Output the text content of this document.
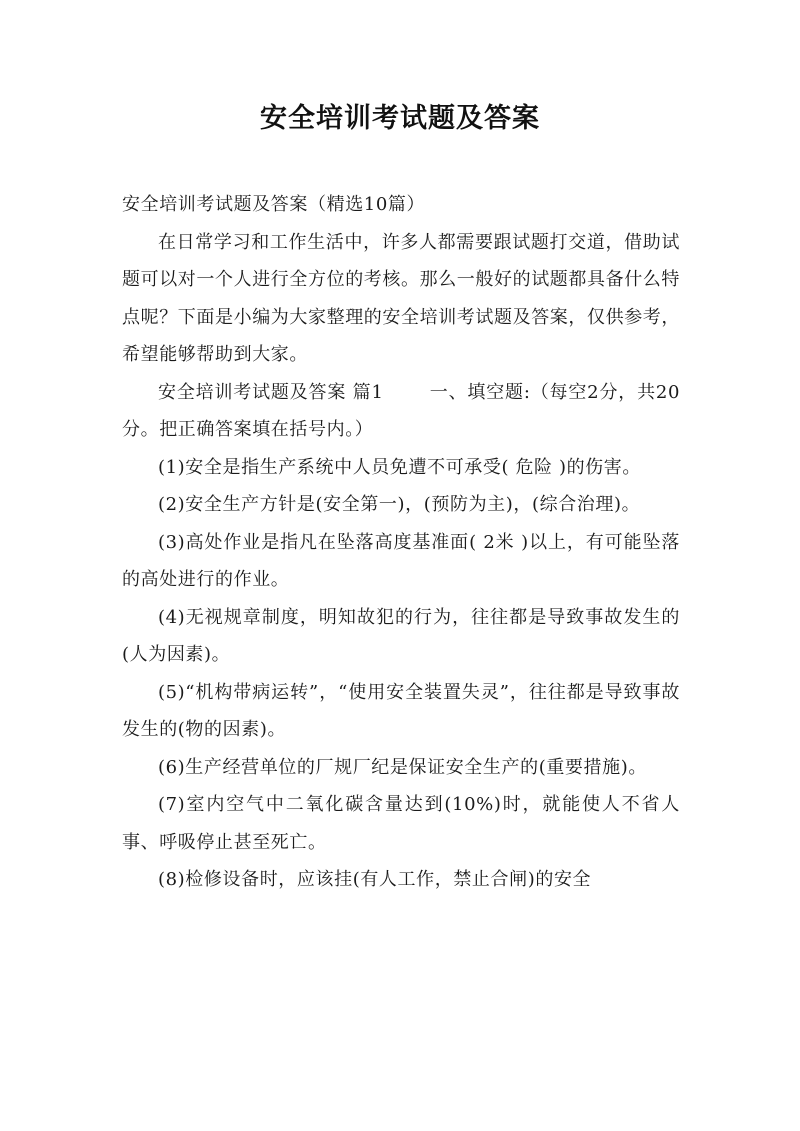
安全培训考试题及答案

安全培训考试题及答案（精选10篇）

在日常学习和工作生活中，许多人都需要跟试题打交道，借助试题可以对一个人进行全方位的考核。那么一般好的试题都具备什么特点呢？下面是小编为大家整理的安全培训考试题及答案，仅供参考，希望能够帮助到大家。

安全培训考试题及答案 篇1	一、填空题:（每空2分，共20分。把正确答案填在括号内。）

(1)安全是指生产系统中人员免遭不可承受( 危险 )的伤害。

(2)安全生产方针是(安全第一)，(预防为主)，(综合治理)。

(3)高处作业是指凡在坠落高度基准面( 2米 )以上，有可能坠落的高处进行的作业。

(4)无视规章制度，明知故犯的行为，往往都是导致事故发生的(人为因素)。

(5)“机构带病运转”，“使用安全装置失灵”，往往都是导致事故发生的(物的因素)。

(6)生产经营单位的厂规厂纪是保证安全生产的(重要措施)。

(7)室内空气中二氧化碳含量达到(10%)时，就能使人不省人事、呼吸停止甚至死亡。

(8)检修设备时，应该挂(有人工作，禁止合闸)的安全
